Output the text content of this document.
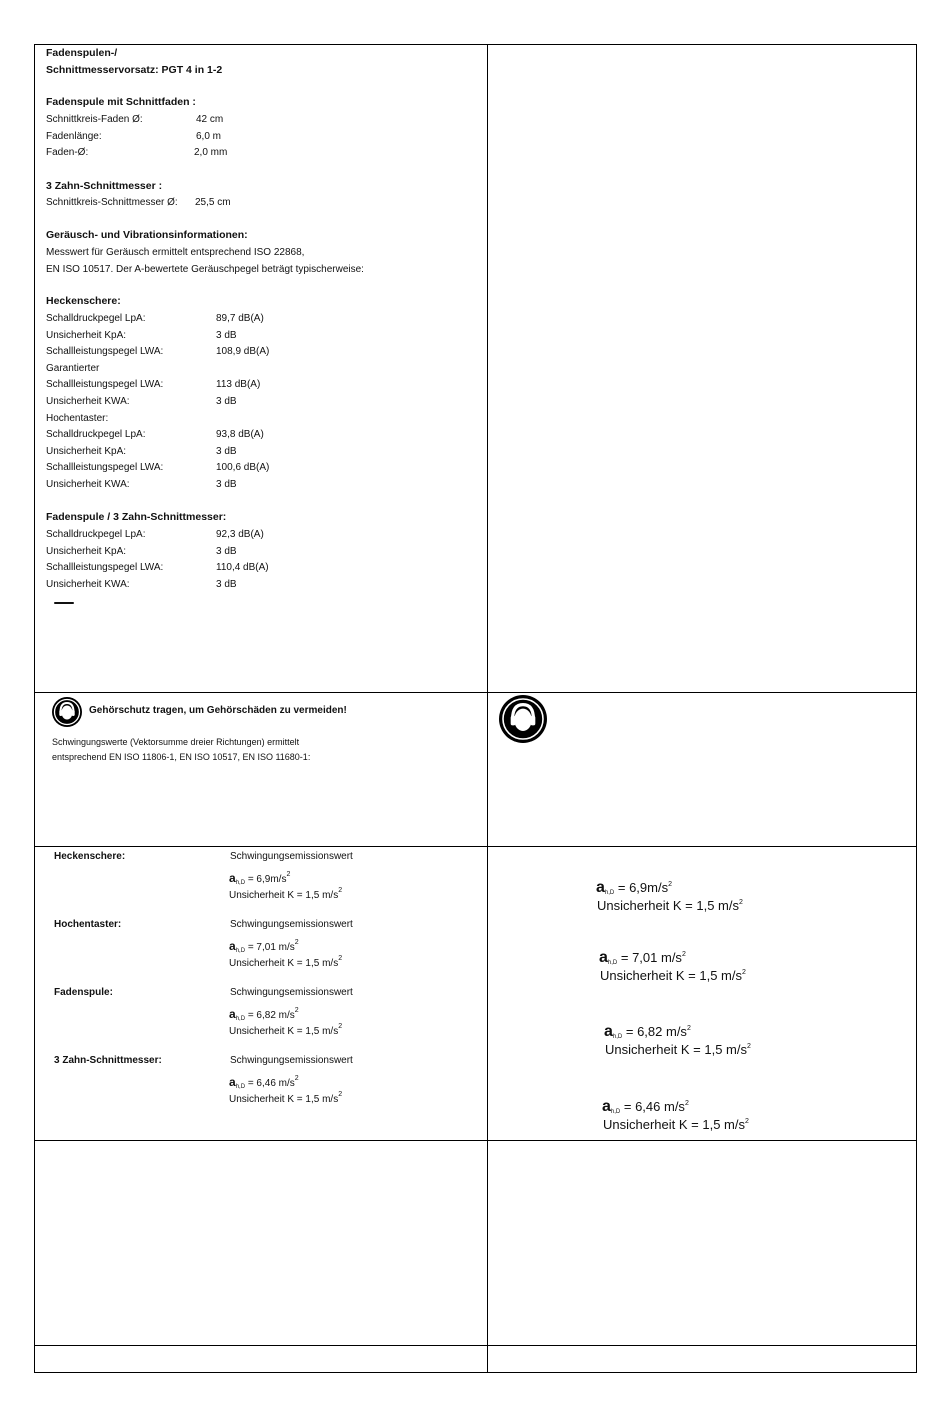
Fadenspulen-/
Schnittmesservorsatz: PGT 4 in 1-2
Fadenspule mit Schnittfaden :
Schnittkreis-Faden Ø:	42 cm
Fadenlänge:	6,0 m
Faden-Ø:	2,0 mm
3 Zahn-Schnittmesser :
Schnittkreis-Schnittmesser Ø:	25,5 cm
Geräusch- und Vibrationsinformationen:
Messwert für Geräusch ermittelt entsprechend ISO 22868,
EN ISO 10517. Der A-bewertete Geräuschpegel beträgt typischerweise:
Heckenschere:
Schalldruckpegel LpA:	89,7 dB(A)
Unsicherheit KpA:	3 dB
Schallleistungspegel LWA:	108,9 dB(A)
Garantierter
Schallleistungspegel LWA:	113 dB(A)
Unsicherheit KWA:	3 dB
Hochentaster:
Schalldruckpegel LpA:	93,8 dB(A)
Unsicherheit KpA:	3 dB
Schallleistungspegel LWA:	100,6 dB(A)
Unsicherheit KWA:	3 dB
Fadenspule / 3 Zahn-Schnittmesser:
Schalldruckpegel LpA:	92,3 dB(A)
Unsicherheit KpA:	3 dB
Schallleistungspegel LWA:	110,4 dB(A)
Unsicherheit KWA:	3 dB
Gehörschutz tragen, um Gehörschäden zu vermeiden!
Schwingungswerte (Vektorsumme dreier Richtungen) ermittelt
entsprechend EN ISO 11806-1, EN ISO 10517, EN ISO 11680-1:
Heckenschere:	Schwingungsemissionswert
$a_{h,D} = 6,9m/s^2$
Unsicherheit K = 1,5 $m/s^2$
Hochentaster:	Schwingungsemissionswert
$a_{h,D} = 7,01$ $m/s^2$
Unsicherheit K = 1,5 $m/s^2$
Fadenspule:	Schwingungsemissionswert
$a_{h,D} = 6,82$ $m/s^2$
Unsicherheit K = 1,5 $m/s^2$
3 Zahn-Schnittmesser:	Schwingungsemissionswert
$a_{h,D} = 6,46$ $m/s^2$
Unsicherheit K = 1,5 $m/s^2$
$a_{h,D} = 6,9m/s^2$
Unsicherheit K = 1,5 $m/s^2$
$a_{h,D} = 7,01$ $m/s^2$
Unsicherheit K = 1,5 $m/s^2$
$a_{h,D} = 6,82$ $m/s^2$
Unsicherheit K = 1,5 $m/s^2$
$a_{h,D} = 6,46$ $m/s^2$
Unsicherheit K = 1,5 $m/s^2$
